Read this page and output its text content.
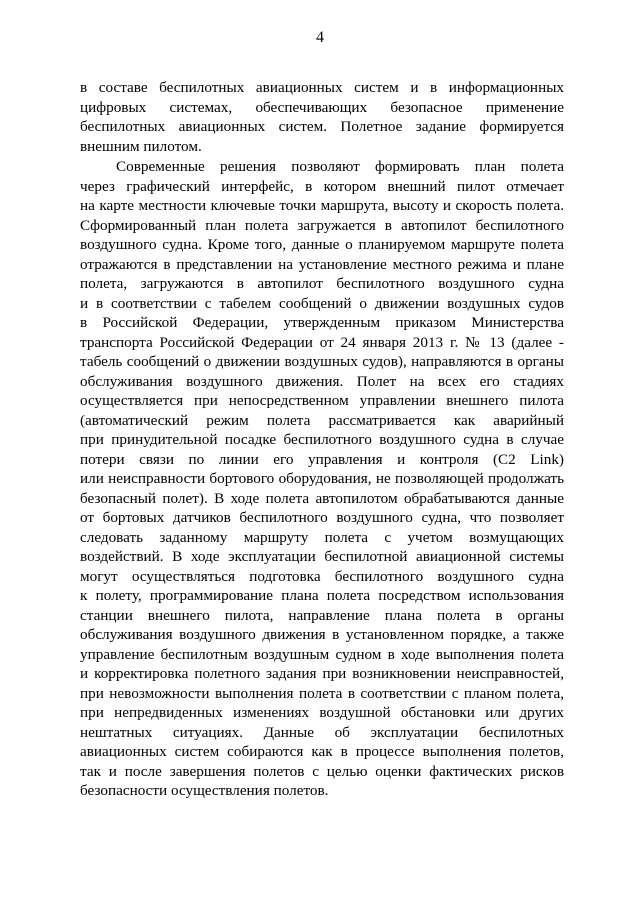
4
в составе беспилотных авиационных систем и в информационных
цифровых системах, обеспечивающих безопасное применение
беспилотных авиационных систем. Полетное задание формируется
внешним пилотом.
Современные решения позволяют формировать план полета
через графический интерфейс, в котором внешний пилот отмечает
на карте местности ключевые точки маршрута, высоту и скорость полета.
Сформированный план полета загружается в автопилот беспилотного
воздушного судна. Кроме того, данные о планируемом маршруте полета
отражаются в представлении на установление местного режима и плане
полета, загружаются в автопилот беспилотного воздушного судна
и в соответствии с табелем сообщений о движении воздушных судов
в Российской Федерации, утвержденным приказом Министерства
транспорта Российской Федерации от 24 января 2013 г. № 13 (далее -
табель сообщений о движении воздушных судов), направляются в органы
обслуживания воздушного движения. Полет на всех его стадиях
осуществляется при непосредственном управлении внешнего пилота
(автоматический режим полета рассматривается как аварийный
при принудительной посадке беспилотного воздушного судна в случае
потери связи по линии его управления и контроля (C2 Link)
или неисправности бортового оборудования, не позволяющей продолжать
безопасный полет). В ходе полета автопилотом обрабатываются данные
от бортовых датчиков беспилотного воздушного судна, что позволяет
следовать заданному маршруту полета с учетом возмущающих
воздействий. В ходе эксплуатации беспилотной авиационной системы
могут осуществляться подготовка беспилотного воздушного судна
к полету, программирование плана полета посредством использования
станции внешнего пилота, направление плана полета в органы
обслуживания воздушного движения в установленном порядке, а также
управление беспилотным воздушным судном в ходе выполнения полета
и корректировка полетного задания при возникновении неисправностей,
при невозможности выполнения полета в соответствии с планом полета,
при непредвиденных изменениях воздушной обстановки или других
нештатных ситуациях. Данные об эксплуатации беспилотных
авиационных систем собираются как в процессе выполнения полетов,
так и после завершения полетов с целью оценки фактических рисков
безопасности осуществления полетов.
